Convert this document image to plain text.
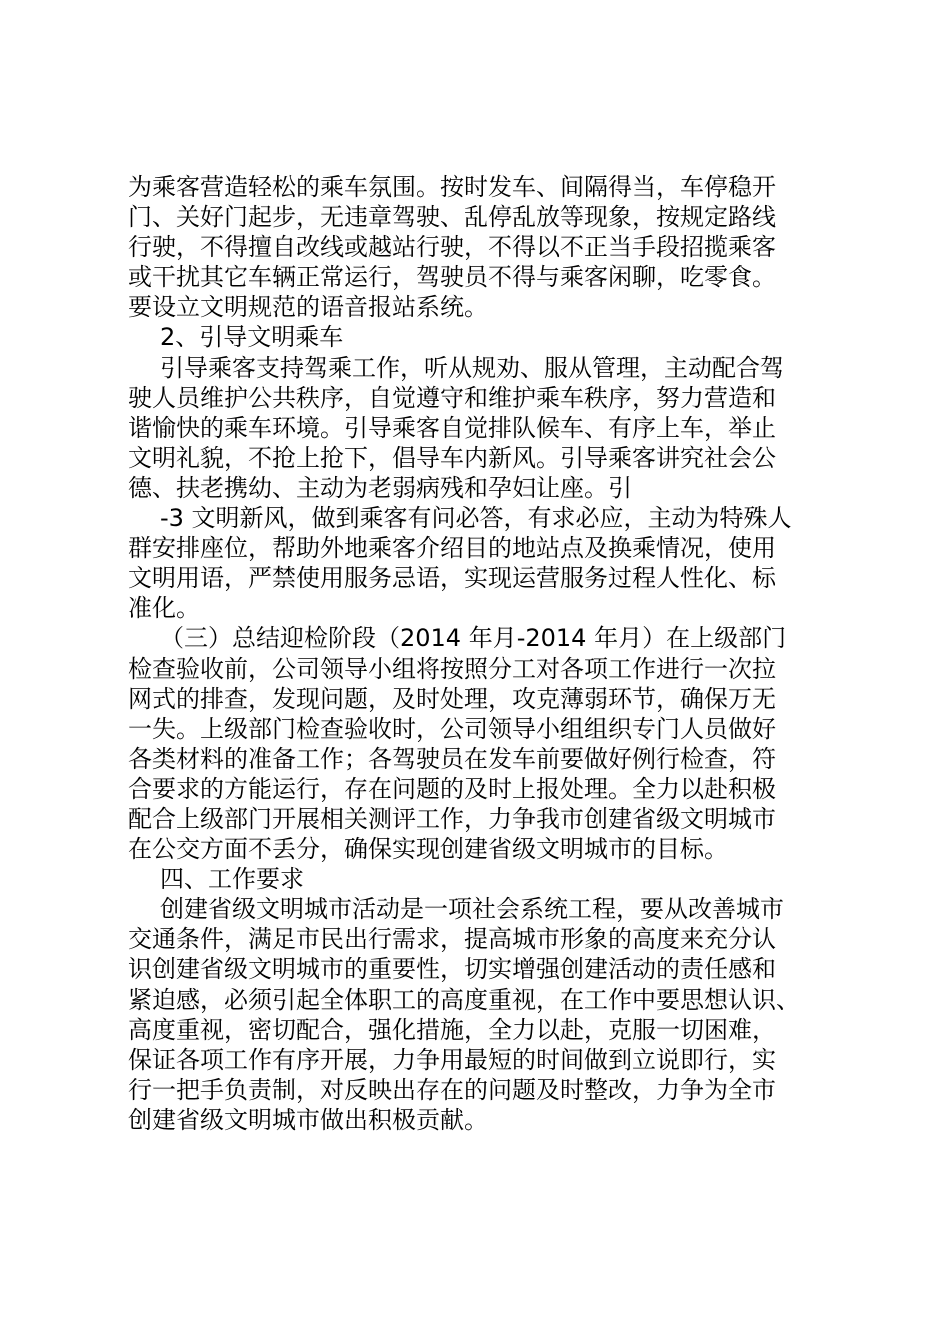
为乘客营造轻松的乘车氛围。按时发车、间隔得当，车停稳开
门、关好门起步，无违章驾驶、乱停乱放等现象，按规定路线
行驶，不得擅自改线或越站行驶，不得以不正当手段招揽乘客
或干扰其它车辆正常运行，驾驶员不得与乘客闲聊，吃零食。
要设立文明规范的语音报站系统。
2、引导文明乘车
引导乘客支持驾乘工作，听从规劝、服从管理，主动配合驾
驶人员维护公共秩序，自觉遵守和维护乘车秩序，努力营造和
谐愉快的乘车环境。引导乘客自觉排队候车、有序上车，举止
文明礼貌，不抢上抢下，倡导车内新风。引导乘客讲究社会公
德、扶老携幼、主动为老弱病残和孕妇让座。引
-3 文明新风，做到乘客有问必答，有求必应，主动为特殊人
群安排座位，帮助外地乘客介绍目的地站点及换乘情况，使用
文明用语，严禁使用服务忌语，实现运营服务过程人性化、标
准化。
（三）总结迎检阶段（2014 年月-2014 年月）在上级部门
检查验收前，公司领导小组将按照分工对各项工作进行一次拉
网式的排查，发现问题，及时处理，攻克薄弱环节，确保万无
一失。上级部门检查验收时，公司领导小组组织专门人员做好
各类材料的准备工作；各驾驶员在发车前要做好例行检查，符
合要求的方能运行，存在问题的及时上报处理。全力以赴积极
配合上级部门开展相关测评工作，力争我市创建省级文明城市
在公交方面不丢分，确保实现创建省级文明城市的目标。
四、工作要求
创建省级文明城市活动是一项社会系统工程，要从改善城市
交通条件，满足市民出行需求，提高城市形象的高度来充分认
识创建省级文明城市的重要性，切实增强创建活动的责任感和
紧迫感，必须引起全体职工的高度重视，在工作中要思想认识、
高度重视，密切配合，强化措施，全力以赴，克服一切困难，
保证各项工作有序开展，力争用最短的时间做到立说即行，实
行一把手负责制，对反映出存在的问题及时整改，力争为全市
创建省级文明城市做出积极贡献。
